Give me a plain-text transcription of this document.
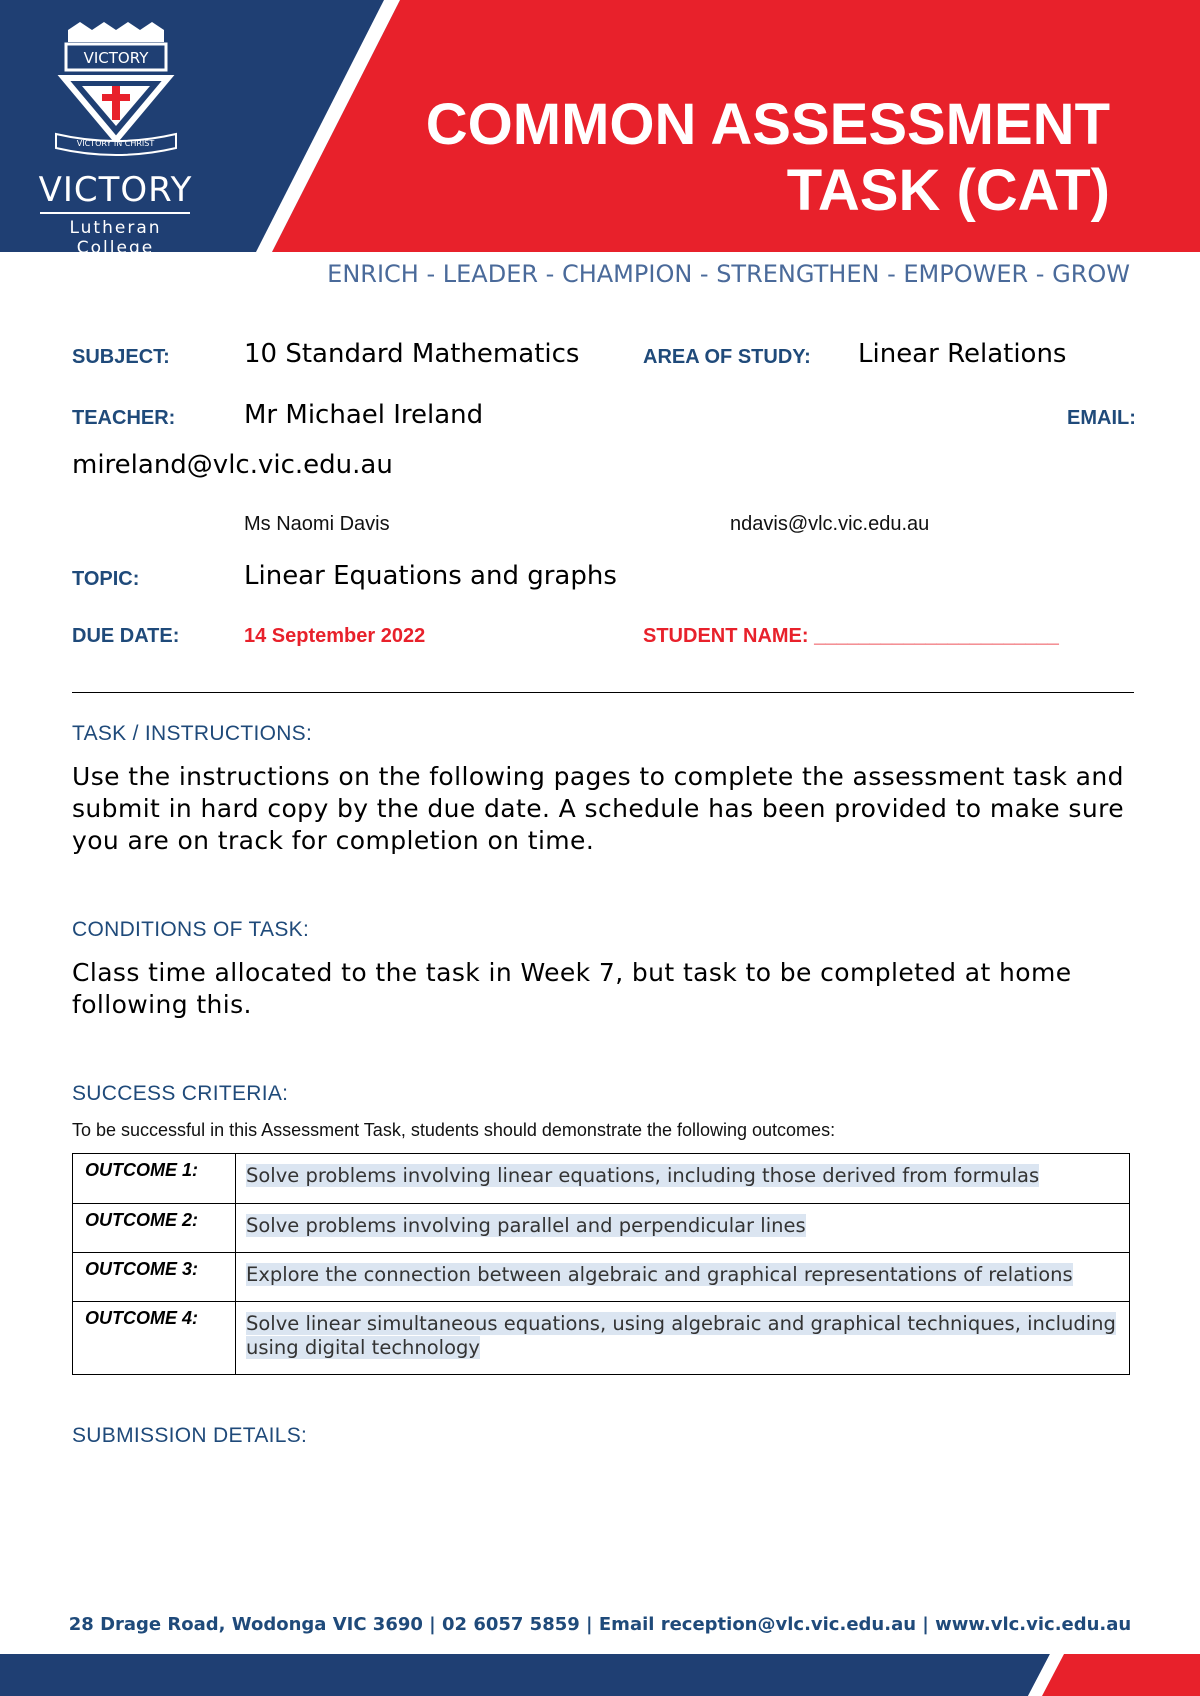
VICTORY
VICTORY IN CHRIST
VICTORY
Lutheran College
COMMON ASSESSMENT
TASK (CAT)
ENRICH - LEADER - CHAMPION - STRENGTHEN - EMPOWER - GROW
SUBJECT:	10 Standard Mathematics	AREA OF STUDY: Linear Relations
TEACHER:	Mr Michael Ireland	EMAIL:
mireland@vlc.vic.edu.au
Ms Naomi Davis	ndavis@vlc.vic.edu.au
TOPIC:	Linear Equations and graphs
DUE DATE:	14 September 2022	STUDENT NAME: ______________________
TASK / INSTRUCTIONS:
Use the instructions on the following pages to complete the assessment task and submit in hard copy by the due date. A schedule has been provided to make sure you are on track for completion on time.
CONDITIONS OF TASK:
Class time allocated to the task in Week 7, but task to be completed at home following this.
SUCCESS CRITERIA:
To be successful in this Assessment Task, students should demonstrate the following outcomes:
OUTCOME 1:	Solve problems involving linear equations, including those derived from formulas
OUTCOME 2:	Solve problems involving parallel and perpendicular lines
OUTCOME 3:	Explore the connection between algebraic and graphical representations of relations
OUTCOME 4:	Solve linear simultaneous equations, using algebraic and graphical techniques, including using digital technology
SUBMISSION DETAILS:
28 Drage Road, Wodonga VIC 3690 | 02 6057 5859 | Email reception@vlc.vic.edu.au | www.vlc.vic.edu.au
